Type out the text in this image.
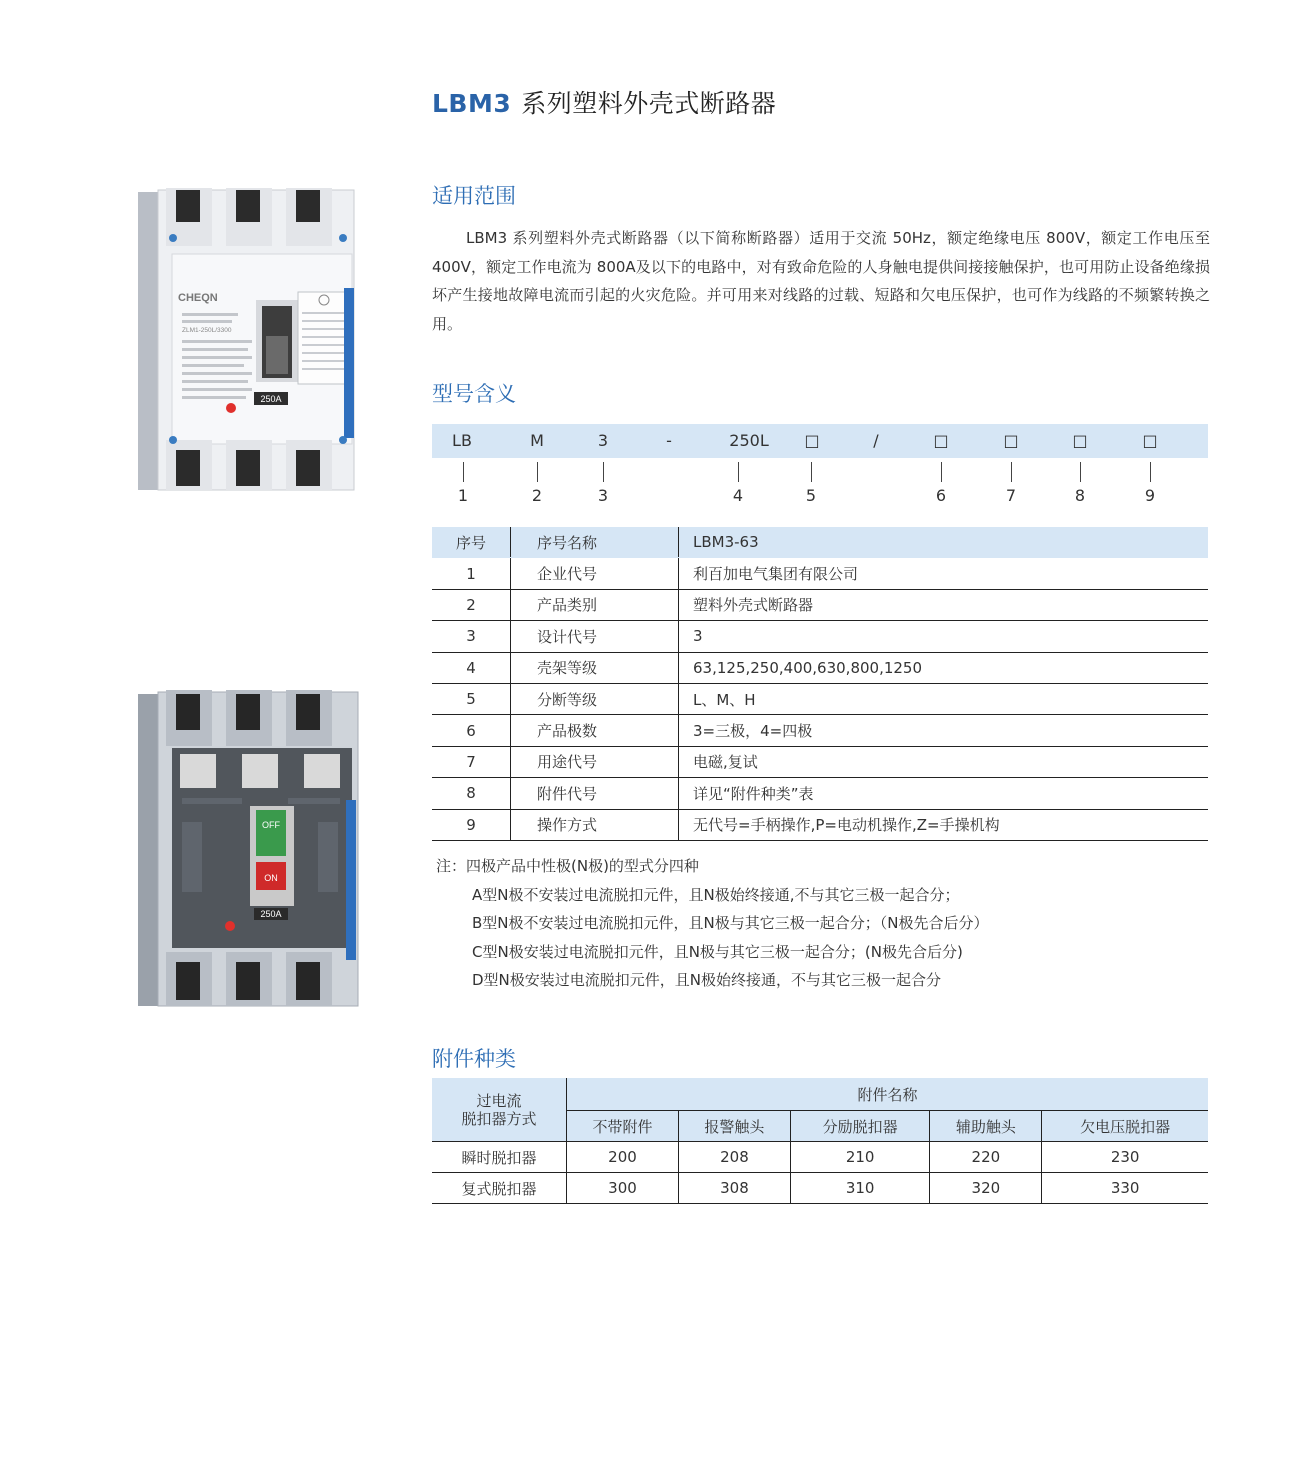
LBM3 系列塑料外壳式断路器
CHEQN
ZLM1-250L/3300
250A
OFF
ON
250A
适用范围
LBM3 系列塑料外壳式断路器（以下简称断路器）适用于交流 50Hz，额定绝缘电压 800V，额定工作电压至 400V，额定工作电流为 800A及以下的电路中，对有致命危险的人身触电提供间接接触保护，也可用防止设备绝缘损坏产生接地故障电流而引起的火灾危险。并可用来对线路的过载、短路和欠电压保护，也可作为线路的不频繁转换之用。
型号含义
LB	M	3	-	250L □	/	□	□	□	□
1	2	3	4	5	6	7	8	9
序号	序号名称	LBM3-63
1	企业代号	利百加电气集团有限公司
2	产品类别	塑料外壳式断路器
3	设计代号	3
4	壳架等级	63,125,250,400,630,800,1250
5	分断等级	L、M、H
6	产品极数	3=三极，4=四极
7	用途代号	电磁,复试
8	附件代号	详见“附件种类”表
9	操作方式	无代号=手柄操作,P=电动机操作,Z=手操机构
注：四极产品中性极(N极)的型式分四种
A型N极不安装过电流脱扣元件，且N极始终接通,不与其它三极一起合分；
B型N极不安装过电流脱扣元件，且N极与其它三极一起合分；（N极先合后分）
C型N极安装过电流脱扣元件，且N极与其它三极一起合分；(N极先合后分)
D型N极安装过电流脱扣元件，且N极始终接通，不与其它三极一起合分
附件种类
过电流
脱扣器方式	附件名称				
	不带附件	报警触头	分励脱扣器	辅助触头	欠电压脱扣器
瞬时脱扣器	200	208	210	220	230
复式脱扣器	300	308	310	320	330
